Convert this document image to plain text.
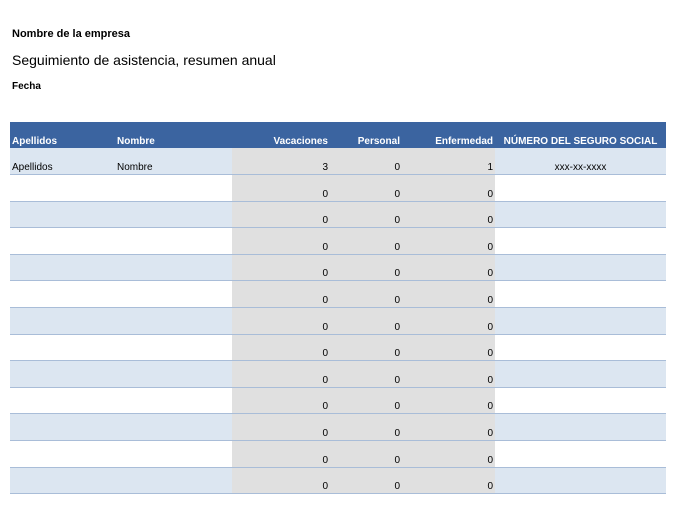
Nombre de la empresa
Seguimiento de asistencia, resumen anual
Fecha
Apellidos	Nombre	Vacaciones	Personal	Enfermedad	NÚMERO DEL SEGURO SOCIAL
Apellidos	Nombre	3	0	1	xxx-xx-xxxx
		0	0	0	
		0	0	0	
		0	0	0	
		0	0	0	
		0	0	0	
		0	0	0	
		0	0	0	
		0	0	0	
		0	0	0	
		0	0	0	
		0	0	0	
		0	0	0	
